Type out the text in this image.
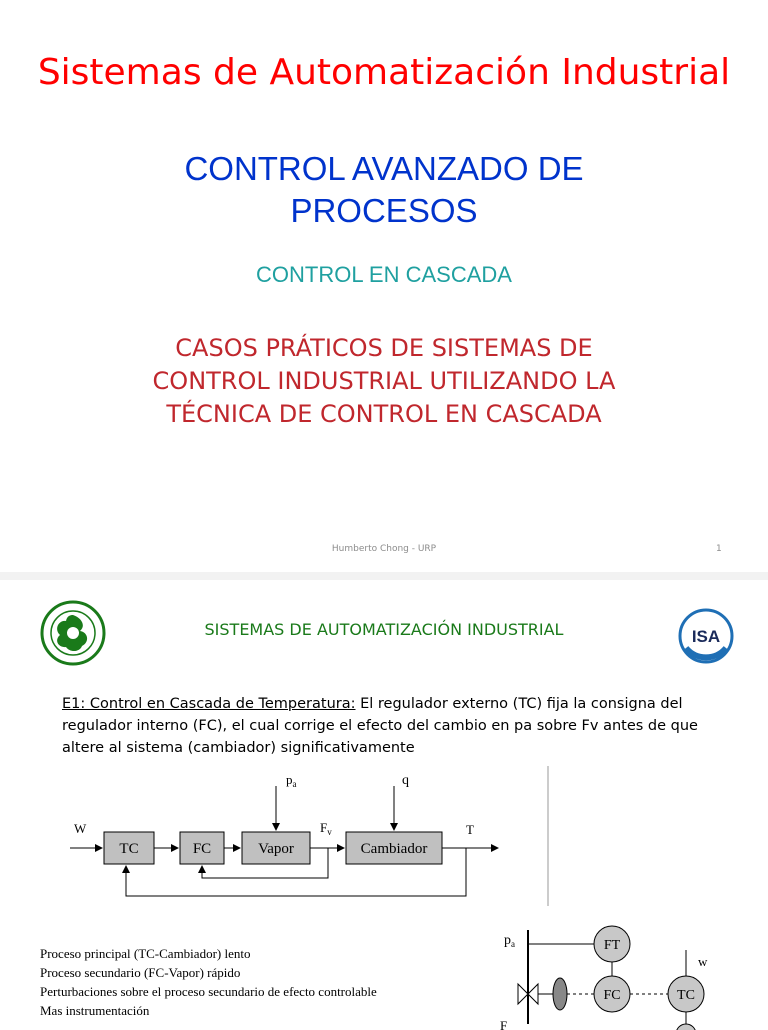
Sistemas de Automatización Industrial
CONTROL AVANZADO DE
PROCESOS
CONTROL EN CASCADA
CASOS PRÁTICOS DE SISTEMAS DE
CONTROL INDUSTRIAL UTILIZANDO LA
TÉCNICA DE CONTROL EN CASCADA
Humberto Chong - URP	1
SISTEMAS DE AUTOMATIZACIÓN INDUSTRIAL	ISA
E1: Control en Cascada de Temperatura: El regulador externo (TC) fija la consigna del regulador interno (FC), el cual corrige el efecto del cambio en pa sobre Fv antes de que altere al sistema (cambiador) significativamente
W
TC	FC	Vapor
$p_a$
$F_v$
Cambiador
q
T
Proceso principal (TC-Cambiador) lento
Proceso secundario (FC-Vapor) rápido
Perturbaciones sobre el proceso secundario de efecto controlable
Mas instrumentación
$p_a$	FT
FC	TC
w
F
